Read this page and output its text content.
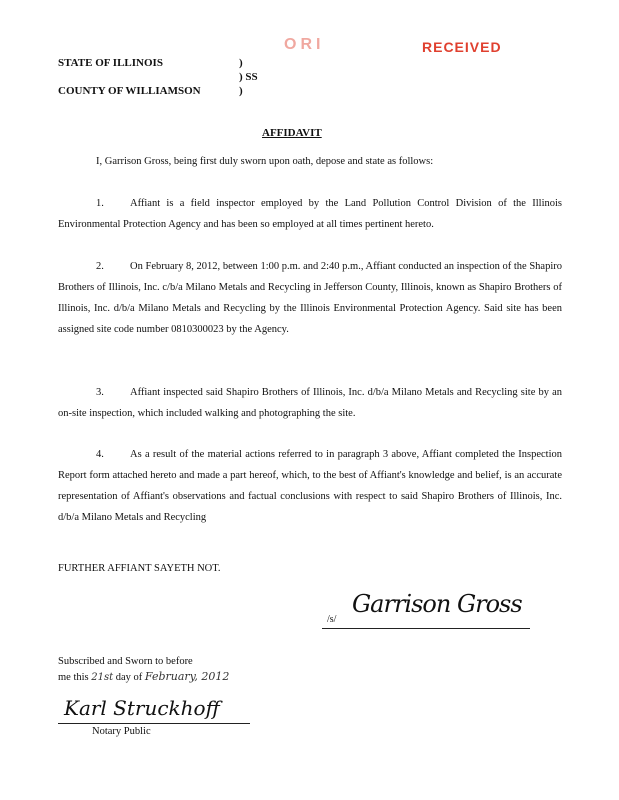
ORI	RECEIVED
STATE OF ILLINOIS	)
) SS
COUNTY OF WILLIAMSON	)
AFFIDAVIT
I, Garrison Gross, being first duly sworn upon oath, depose and state as follows:
1. Affiant is a field inspector employed by the Land Pollution Control Division of the Illinois Environmental Protection Agency and has been so employed at all times pertinent hereto.
2. On February 8, 2012, between 1:00 p.m. and 2:40 p.m., Affiant conducted an inspection of the Shapiro Brothers of Illinois, Inc. c/b/a Milano Metals and Recycling in Jefferson County, Illinois, known as Shapiro Brothers of Illinois, Inc. d/b/a Milano Metals and Recycling by the Illinois Environmental Protection Agency. Said site has been assigned site code number 0810300023 by the Agency.
3. Affiant inspected said Shapiro Brothers of Illinois, Inc. d/b/a Milano Metals and Recycling site by an on-site inspection, which included walking and photographing the site.
4. As a result of the material actions referred to in paragraph 3 above, Affiant completed the Inspection Report form attached hereto and made a part hereof, which, to the best of Affiant's knowledge and belief, is an accurate representation of Affiant's observations and factual conclusions with respect to said Shapiro Brothers of Illinois, Inc. d/b/a Milano Metals and Recycling
FURTHER AFFIANT SAYETH NOT.
/s/
Garrison Gross
Subscribed and Sworn to before
me this 21st day of February, 2012
Karl Struckhoff
Notary Public
